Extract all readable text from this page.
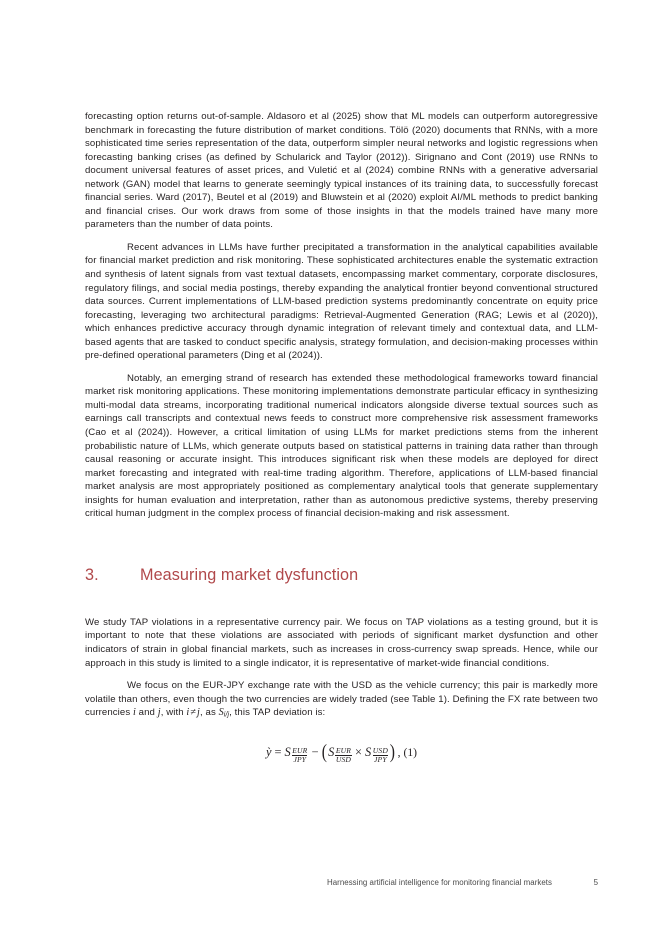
forecasting option returns out-of-sample. Aldasoro et al (2025) show that ML models can outperform autoregressive benchmark in forecasting the future distribution of market conditions. Tölö (2020) documents that RNNs, with a more sophisticated time series representation of the data, outperform simpler neural networks and logistic regressions when forecasting banking crises (as defined by Schularick and Taylor (2012)). Sirignano and Cont (2019) use RNNs to document universal features of asset prices, and Vuletić et al (2024) combine RNNs with a generative adversarial network (GAN) model that learns to generate seemingly typical instances of its training data, to successfully forecast financial series. Ward (2017), Beutel et al (2019) and Bluwstein et al (2020) exploit AI/ML methods to predict banking and financial crises. Our work draws from some of those insights in that the models trained have many more parameters than the number of data points.

Recent advances in LLMs have further precipitated a transformation in the analytical capabilities available for financial market prediction and risk monitoring. These sophisticated architectures enable the systematic extraction and synthesis of latent signals from vast textual datasets, encompassing market commentary, corporate disclosures, regulatory filings, and social media postings, thereby expanding the analytical frontier beyond conventional structured data sources. Current implementations of LLM-based prediction systems predominantly concentrate on equity price forecasting, leveraging two architectural paradigms: Retrieval-Augmented Generation (RAG; Lewis et al (2020)), which enhances predictive accuracy through dynamic integration of relevant timely and contextual data, and LLM-based agents that are tasked to conduct specific analysis, strategy formulation, and decision-making processes within pre-defined operational parameters (Ding et al (2024)).

Notably, an emerging strand of research has extended these methodological frameworks toward financial market risk monitoring applications. These monitoring implementations demonstrate particular efficacy in synthesizing multi-modal data streams, incorporating traditional numerical indicators alongside diverse textual sources such as earnings call transcripts and contextual news feeds to construct more comprehensive risk assessment frameworks (Cao et al (2024)). However, a critical limitation of using LLMs for market predictions stems from the inherent probabilistic nature of LLMs, which generate outputs based on statistical patterns in training data rather than through causal reasoning or accurate insight. This introduces significant risk when these models are deployed for direct market forecasting and integrated with real-time trading algorithm. Therefore, applications of LLM-based financial market analysis are most appropriately positioned as complementary analytical tools that generate supplementary insights for human evaluation and interpretation, rather than as autonomous predictive systems, thereby preserving critical human judgment in the complex process of financial decision-making and risk assessment.

3.	Measuring market dysfunction

We study TAP violations in a representative currency pair. We focus on TAP violations as a testing ground, but it is important to note that these violations are associated with periods of significant market dysfunction and other indicators of strain in global financial markets, such as increases in cross-currency swap spreads. Hence, while our approach in this study is limited to a single indicator, it is representative of market-wide financial conditions.

We focus on the EUR-JPY exchange rate with the USD as the vehicle currency; this pair is markedly more volatile than others, even though the two currencies are widely traded (see Table 1). Defining the FX rate between two currencies i and j, with i≠j, as Si/j, this TAP deviation is:

ỳ = S $\frac{\text{EUR}}{\text{JPY}}$ − ( S $\frac{\text{EUR}}{\text{USD}} \times S \frac{\text{USD}}{\text{JPY}}$ ) , (1)
Harnessing artificial intelligence for monitoring financial markets	5
